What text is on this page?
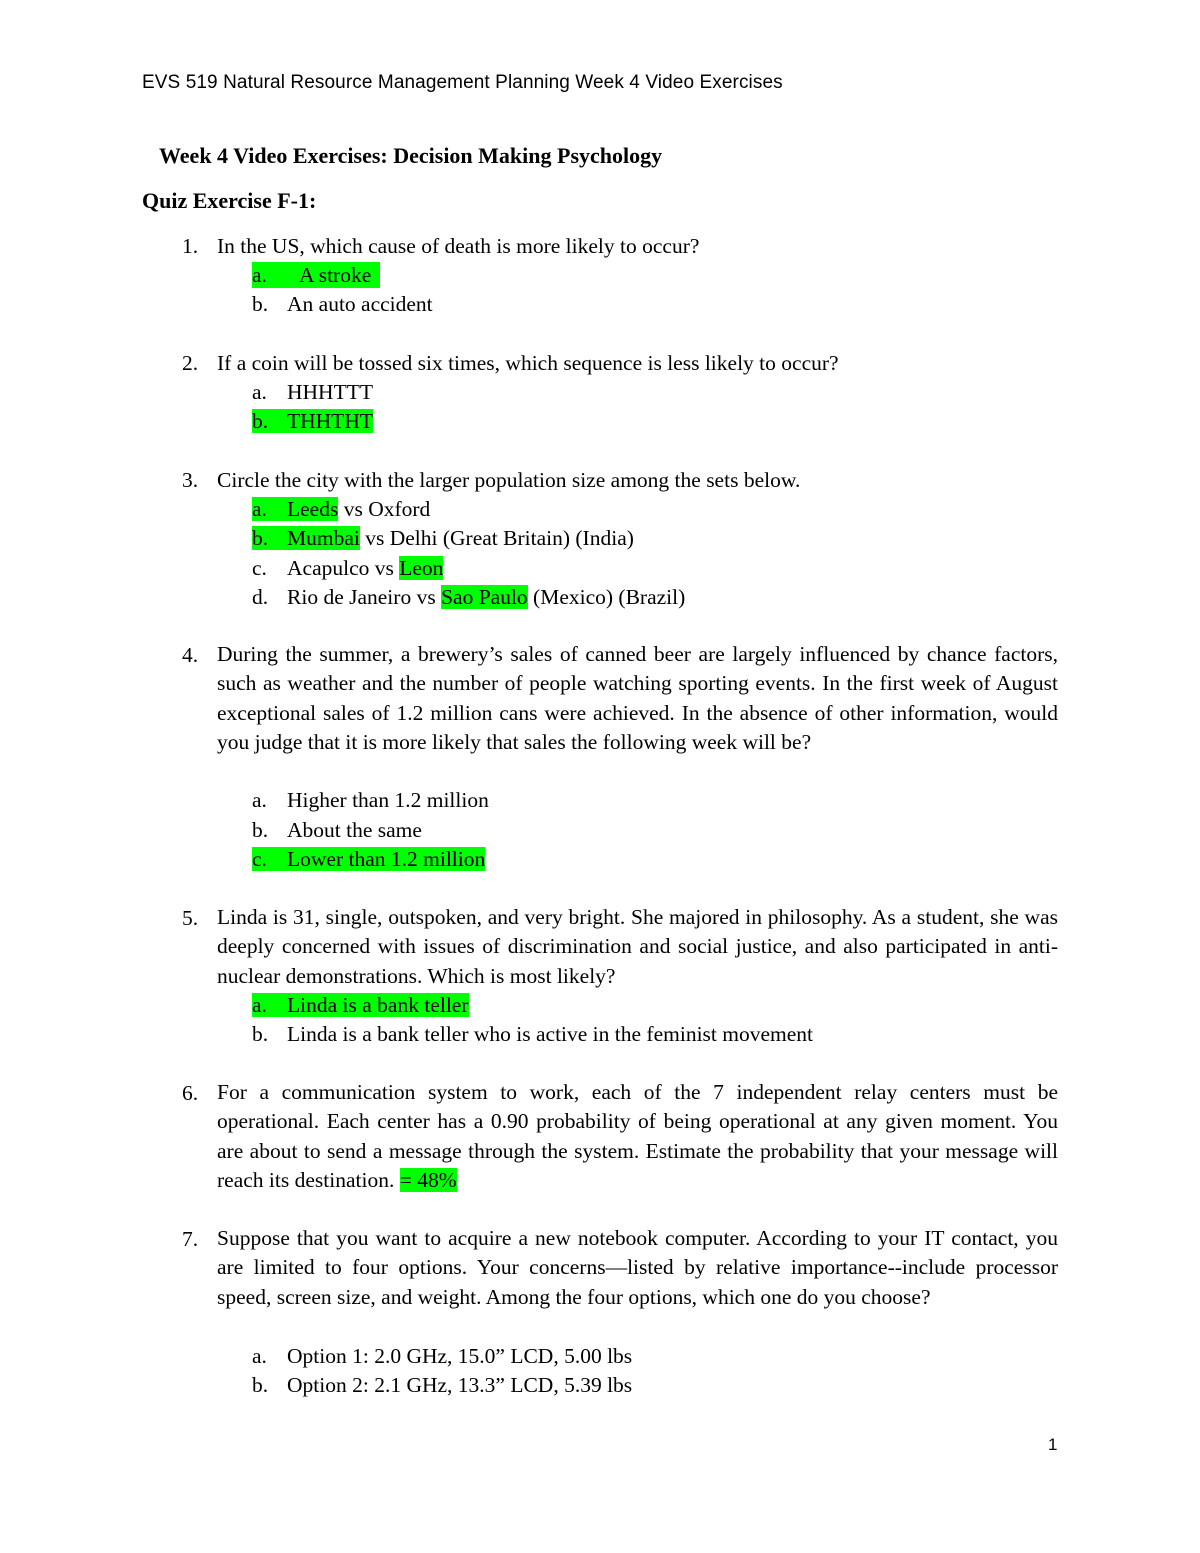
EVS 519 Natural Resource Management Planning Week 4 Video Exercises
Week 4 Video Exercises: Decision Making Psychology
Quiz Exercise F-1:
1. In the US, which cause of death is more likely to occur?
a. A stroke
b. An auto accident
2. If a coin will be tossed six times, which sequence is less likely to occur?
a. HHHTTT
b. THHTHT
3. Circle the city with the larger population size among the sets below.
a. Leeds vs Oxford
b. Mumbai vs Delhi (Great Britain) (India)
c. Acapulco vs Leon
d. Rio de Janeiro vs Sao Paulo (Mexico) (Brazil)
4. During the summer, a brewery’s sales of canned beer are largely influenced by chance factors, such as weather and the number of people watching sporting events. In the first week of August exceptional sales of 1.2 million cans were achieved. In the absence of other information, would you judge that it is more likely that sales the following week will be?
a. Higher than 1.2 million
b. About the same
c. Lower than 1.2 million
5. Linda is 31, single, outspoken, and very bright. She majored in philosophy. As a student, she was deeply concerned with issues of discrimination and social justice, and also participated in anti-nuclear demonstrations. Which is most likely?
a. Linda is a bank teller
b. Linda is a bank teller who is active in the feminist movement
6. For a communication system to work, each of the 7 independent relay centers must be operational. Each center has a 0.90 probability of being operational at any given moment. You are about to send a message through the system. Estimate the probability that your message will reach its destination. = 48%
7. Suppose that you want to acquire a new notebook computer. According to your IT contact, you are limited to four options. Your concerns—listed by relative importance--include processor speed, screen size, and weight. Among the four options, which one do you choose?
a. Option 1: 2.0 GHz, 15.0” LCD, 5.00 lbs
b. Option 2: 2.1 GHz, 13.3” LCD, 5.39 lbs
1
